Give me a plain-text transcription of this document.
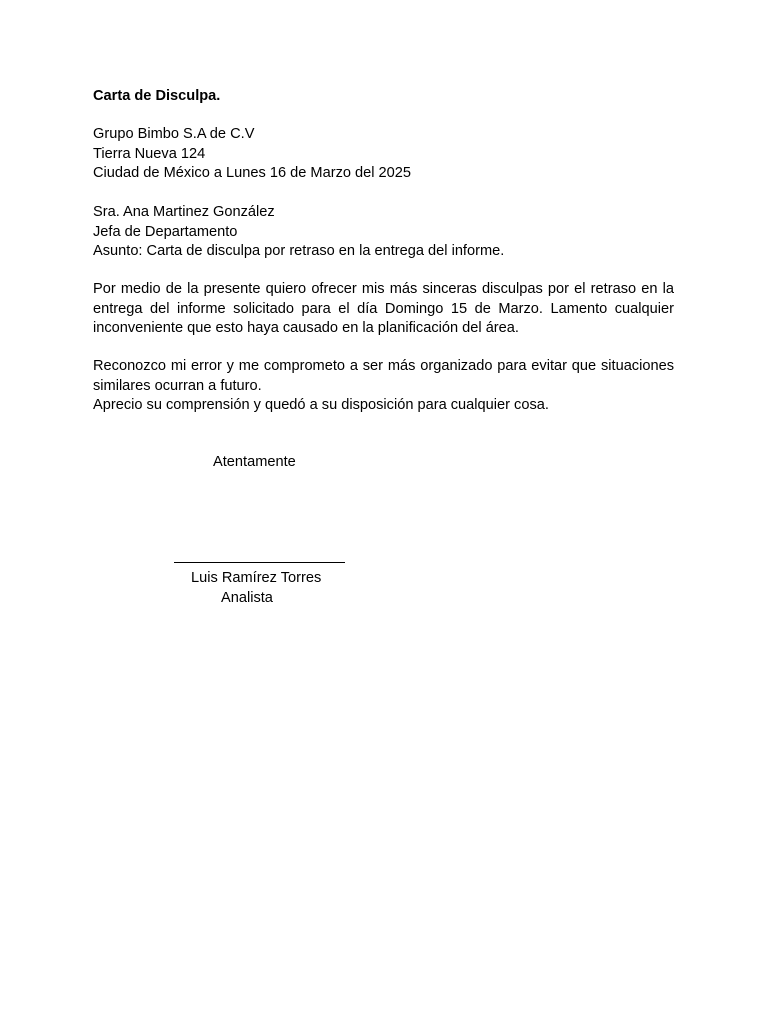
Carta de Disculpa.
Grupo Bimbo S.A de C.V
Tierra Nueva 124
Ciudad de México a Lunes 16 de Marzo del 2025
Sra. Ana Martinez González
Jefa de Departamento
Asunto: Carta de disculpa por retraso en la entrega del informe.
Por medio de la presente quiero ofrecer mis más sinceras disculpas por el retraso en la entrega del informe solicitado para el día Domingo 15 de Marzo. Lamento cualquier inconveniente que esto haya causado en la planificación del área.
Reconozco mi error y me comprometo a ser más organizado para evitar que situaciones similares ocurran a futuro.
Aprecio su comprensión y quedó a su disposición para cualquier cosa.
Atentamente
Luis Ramírez Torres
Analista
